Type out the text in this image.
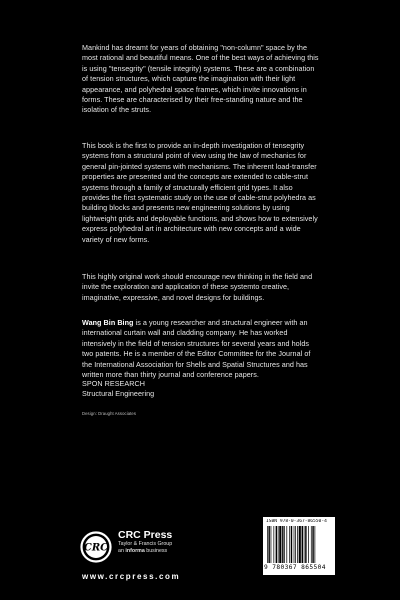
Mankind has dreamt for years of obtaining "non-column" space by the most rational and beautiful means. One of the best ways of achieving this is using "tensegrity" (tensile integrity) systems. These are a combination of tension structures, which capture the imagination with their light appearance, and polyhedral space frames, which invite innovations in forms. These are characterised by their free-standing nature and the isolation of the struts.

This book is the first to provide an in-depth investigation of tensegrity systems from a structural point of view using the law of mechanics for general pin-jointed systems with mechanisms. The inherent load-transfer properties are presented and the concepts are extended to cable-strut systems through a family of structurally efficient grid types. It also provides the first systematic study on the use of cable-strut polyhedra as building blocks and presents new engineering solutions by using lightweight grids and deployable functions, and shows how to extensively express polyhedral art in architecture with new concepts and a wide variety of new forms.

This highly original work should encourage new thinking in the field and invite the exploration and application of these systemto creative, imaginative, expressive, and novel designs for buildings.

Wang Bin Bing is a young researcher and structural engineer with an international curtain wall and cladding company. He has worked intensively in the field of tension structures for several years and holds two patents. He is a member of the Editor Committee for the Journal of the International Association for Shells and Spatial Structures and has written more than thirty journal and conference papers.

SPON RESEARCH
Structural Engineering
Design: Draught Associates
CRC
CRC Press
Taylor & Francis Group
an informa business
www.crcpress.com
ISBN 978-0-367-86550-4
9 780367 865504
